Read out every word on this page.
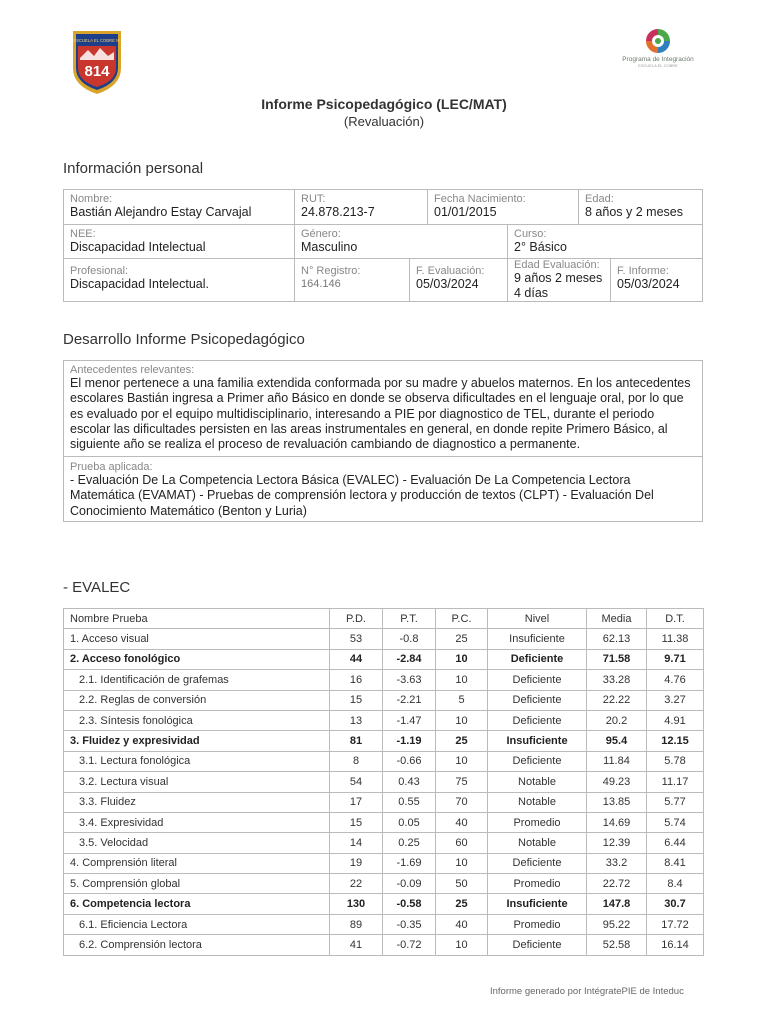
ESCUELA EL COBRE Nº
814
Programa de Integración
ESCUELA EL COBRE
Informe Psicopedagógico (LEC/MAT)
(Revaluación)
Información personal
Nombre:
Bastián Alejandro Estay Carvajal
RUT:
24.878.213-7
Fecha Nacimiento:
01/01/2015
Edad:
8 años y 2 meses
NEE:
Discapacidad Intelectual
Género:
Masculino
Curso:
2° Básico
Profesional:
Discapacidad Intelectual.
N° Registro:
164.146
F. Evaluación:
05/03/2024
Edad Evaluación:
9 años 2 meses 4 días
F. Informe:
05/03/2024
Desarrollo Informe Psicopedagógico
Antecedentes relevantes:
El menor pertenece a una familia extendida conformada por su madre y abuelos maternos. En los antecedentes escolares Bastián ingresa a Primer año Básico en donde se observa dificultades en el lenguaje oral, por lo que es evaluado por el equipo multidisciplinario, interesando a PIE por diagnostico de TEL, durante el periodo escolar las dificultades persisten en las areas instrumentales en general, en donde repite Primero Básico, al siguiente año se realiza el proceso de revaluación cambiando de diagnostico a permanente.
Prueba aplicada:
- Evaluación De La Competencia Lectora Básica (EVALEC) - Evaluación De La Competencia Lectora Matemática (EVAMAT) - Pruebas de comprensión lectora y producción de textos (CLPT) - Evaluación Del Conocimiento Matemático (Benton y Luria)
- EVALEC
Nombre Prueba	P.D.	P.T.	P.C.	Nivel	Media	D.T.
1. Acceso visual	53	-0.8	25	Insuficiente	62.13	11.38
2. Acceso fonológico	44	-2.84	10	Deficiente	71.58	9.71
2.1. Identificación de grafemas	16	-3.63	10	Deficiente	33.28	4.76
2.2. Reglas de conversión	15	-2.21	5	Deficiente	22.22	3.27
2.3. Síntesis fonológica	13	-1.47	10	Deficiente	20.2	4.91
3. Fluidez y expresividad	81	-1.19	25	Insuficiente	95.4	12.15
3.1. Lectura fonológica	8	-0.66	10	Deficiente	11.84	5.78
3.2. Lectura visual	54	0.43	75	Notable	49.23	11.17
3.3. Fluidez	17	0.55	70	Notable	13.85	5.77
3.4. Expresividad	15	0.05	40	Promedio	14.69	5.74
3.5. Velocidad	14	0.25	60	Notable	12.39	6.44
4. Comprensión literal	19	-1.69	10	Deficiente	33.2	8.41
5. Comprensión global	22	-0.09	50	Promedio	22.72	8.4
6. Competencia lectora	130	-0.58	25	Insuficiente	147.8	30.7
6.1. Eficiencia Lectora	89	-0.35	40	Promedio	95.22	17.72
6.2. Comprensión lectora	41	-0.72	10	Deficiente	52.58	16.14
Informe generado por IntégratePIE de Inteduc
